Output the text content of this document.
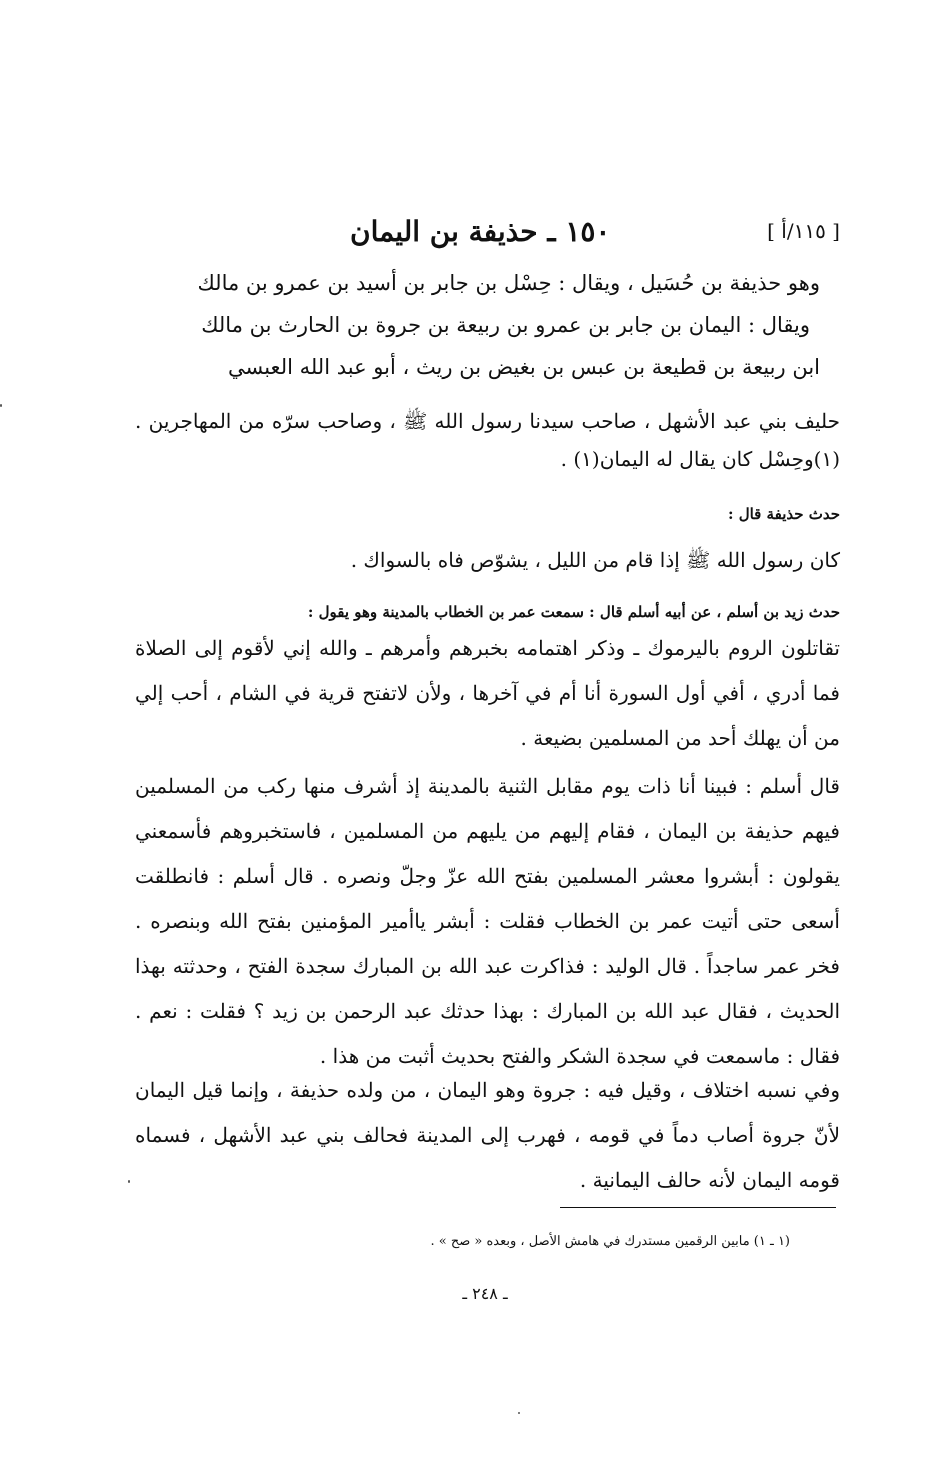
[ ١١٥/أ ]
١٥٠ ـ حذيفة بن اليمان
وهو حذيفة بن حُسَيل ، ويقال : حِسْل بن جابر بن أسيد بن عمرو بن مالك
ويقال : اليمان بن جابر بن عمرو بن ربيعة بن جروة بن الحارث بن مالك
ابن ربيعة بن قطيعة بن عبس بن بغيض بن ريث ، أبو عبد الله العبسي
حليف بني عبد الأشهل ، صاحب سيدنا رسول الله ﷺ ، وصاحب سرّه من المهاجرين . (١)وحِسْل كان يقال له اليمان(١) .
حدث حذيفة قال :
كان رسول الله ﷺ إذا قام من الليل ، يشوّص فاه بالسواك .
حدث زيد بن أسلم ، عن أبيه أسلم قال : سمعت عمر بن الخطاب بالمدينة وهو يقول :
تقاتلون الروم باليرموك ـ وذكر اهتمامه بخبرهم وأمرهم ـ والله إني لأقوم إلى الصلاة فما أدري ، أفي أول السورة أنا أم في آخرها ، ولأن لاتفتح قرية في الشام ، أحب إلي من أن يهلك أحد من المسلمين بضيعة .
قال أسلم : فبينا أنا ذات يوم مقابل الثنية بالمدينة إذ أشرف منها ركب من المسلمين فيهم حذيفة بن اليمان ، فقام إليهم من يليهم من المسلمين ، فاستخبروهم فأسمعني يقولون : أبشروا معشر المسلمين بفتح الله عزّ وجلّ ونصره . قال أسلم : فانطلقت أسعى حتى أتيت عمر بن الخطاب فقلت : أبشر ياأمير المؤمنين بفتح الله وبنصره . فخر عمر ساجداً . قال الوليد : فذاكرت عبد الله بن المبارك سجدة الفتح ، وحدثته بهذا الحديث ، فقال عبد الله بن المبارك : بهذا حدثك عبد الرحمن بن زيد ؟ فقلت : نعم . فقال : ماسمعت في سجدة الشكر والفتح بحديث أثبت من هذا .
وفي نسبه اختلاف ، وقيل فيه : جروة وهو اليمان ، من ولده حذيفة ، وإنما قيل اليمان لأنّ جروة أصاب دماً في قومه ، فهرب إلى المدينة فحالف بني عبد الأشهل ، فسماه قومه اليمان لأنه حالف اليمانية .
(١ ـ ١) مابين الرقمين مستدرك في هامش الأصل ، وبعده « صح » .
ـ ٢٤٨ ـ
